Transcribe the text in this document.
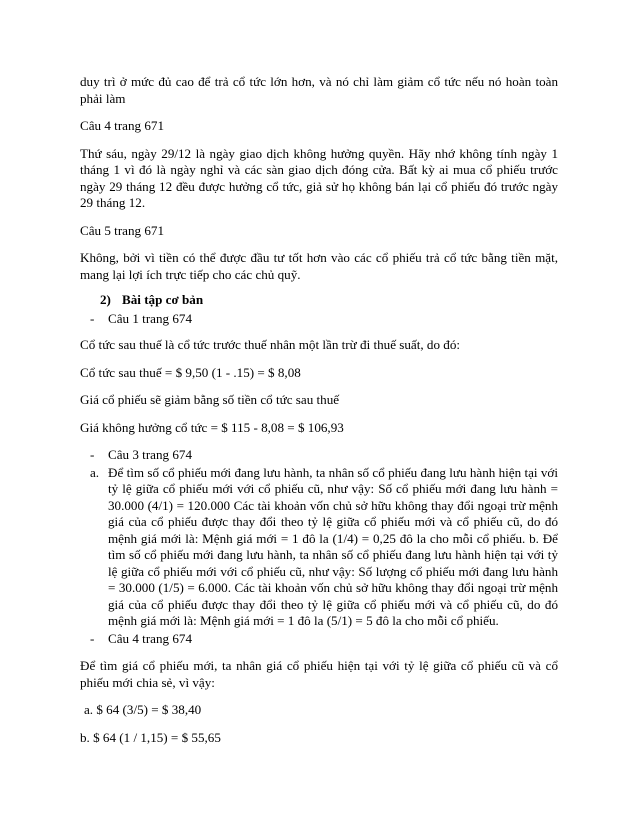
duy trì ở mức đủ cao để trả cổ tức lớn hơn, và nó chỉ làm giảm cổ tức nếu nó hoàn toàn phải làm

Câu 4 trang 671

Thứ sáu, ngày 29/12 là ngày giao dịch không hưởng quyền. Hãy nhớ không tính ngày 1 tháng 1 vì đó là ngày nghỉ và các sàn giao dịch đóng cửa. Bất kỳ ai mua cổ phiếu trước ngày 29 tháng 12 đều được hưởng cổ tức, giả sử họ không bán lại cổ phiếu đó trước ngày 29 tháng 12.

Câu 5 trang 671

Không, bởi vì tiền có thể được đầu tư tốt hơn vào các cổ phiếu trả cổ tức bằng tiền mặt, mang lại lợi ích trực tiếp cho các chủ quỹ.

2) Bài tập cơ bản
- Câu 1 trang 674

Cổ tức sau thuế là cổ tức trước thuế nhân một lần trừ đi thuế suất, do đó:

Cổ tức sau thuế = $ 9,50 (1 - .15) = $ 8,08

Giá cổ phiếu sẽ giảm bằng số tiền cổ tức sau thuế

Giá không hưởng cổ tức = $ 115 - 8,08 = $ 106,93

- Câu 3 trang 674
a. Để tìm số cổ phiếu mới đang lưu hành, ta nhân số cổ phiếu đang lưu hành hiện tại với tỷ lệ giữa cổ phiếu mới với cổ phiếu cũ, như vậy: Số cổ phiếu mới đang lưu hành = 30.000 (4/1) = 120.000 Các tài khoản vốn chủ sở hữu không thay đổi ngoại trừ mệnh giá của cổ phiếu được thay đổi theo tỷ lệ giữa cổ phiếu mới và cổ phiếu cũ, do đó mệnh giá mới là: Mệnh giá mới = 1 đô la (1/4) = 0,25 đô la cho mỗi cổ phiếu. b. Để tìm số cổ phiếu mới đang lưu hành, ta nhân số cổ phiếu đang lưu hành hiện tại với tỷ lệ giữa cổ phiếu mới với cổ phiếu cũ, như vậy: Số lượng cổ phiếu mới đang lưu hành = 30.000 (1/5) = 6.000. Các tài khoản vốn chủ sở hữu không thay đổi ngoại trừ mệnh giá của cổ phiếu được thay đổi theo tỷ lệ giữa cổ phiếu mới và cổ phiếu cũ, do đó mệnh giá mới là: Mệnh giá mới = 1 đô la (5/1) = 5 đô la cho mỗi cổ phiếu.
- Câu 4 trang 674

Để tìm giá cổ phiếu mới, ta nhân giá cổ phiếu hiện tại với tỷ lệ giữa cổ phiếu cũ và cổ phiếu mới chia sẻ, vì vậy:

a. $ 64 (3/5) = $ 38,40

b. $ 64 (1 / 1,15) = $ 55,65
